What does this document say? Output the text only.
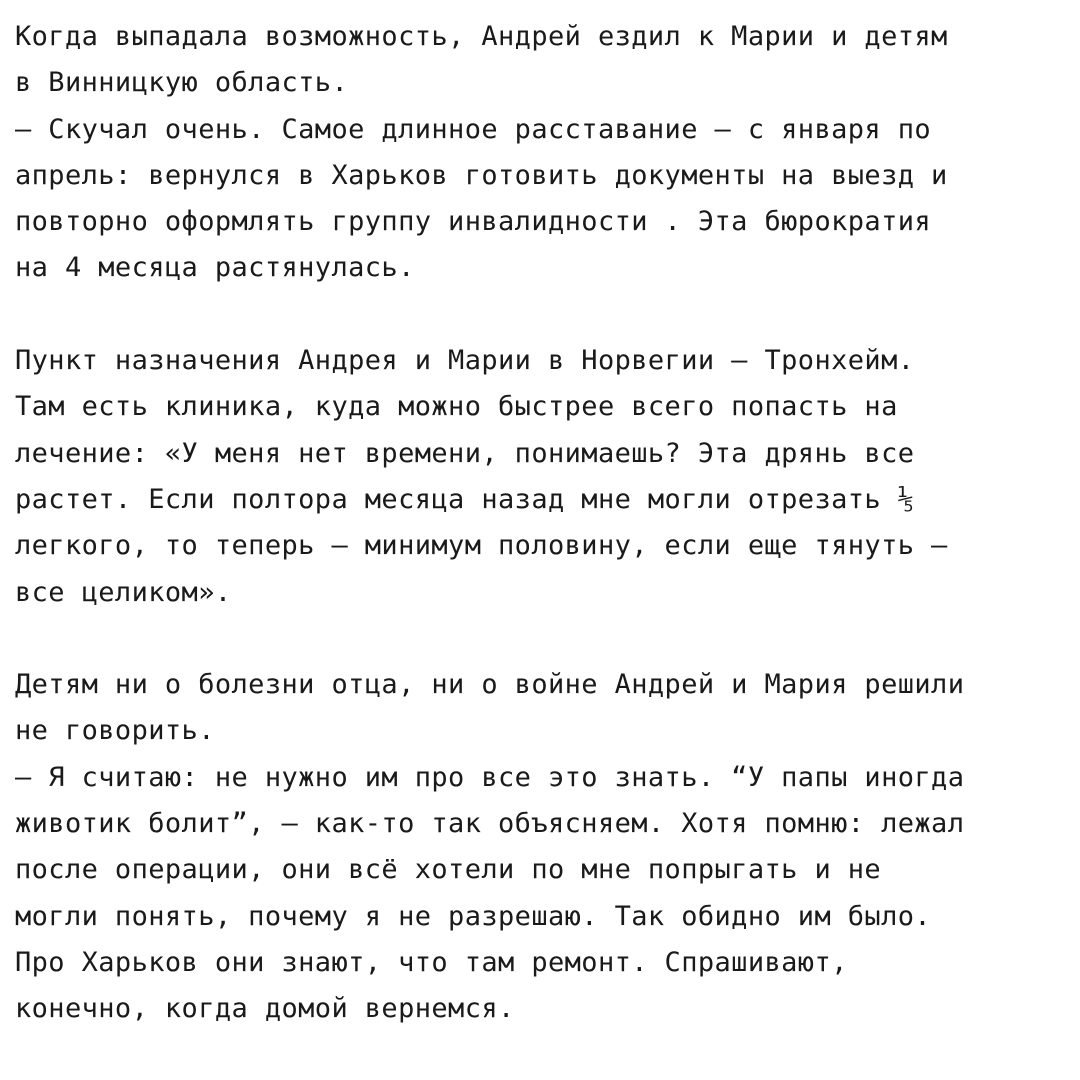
Когда выпадала возможность, Андрей ездил к Марии и детям
в Винницкую область.
– Скучал очень. Самое длинное расставание – с января по
апрель: вернулся в Харьков готовить документы на выезд и
повторно оформлять группу инвалидности . Эта бюрократия
на 4 месяца растянулась.
Пункт назначения Андрея и Марии в Норвегии – Тронхейм.
Там есть клиника, куда можно быстрее всего попасть на
лечение: «У меня нет времени, понимаешь? Эта дрянь все
растет. Если полтора месяца назад мне могли отрезать ⅕
легкого, то теперь – минимум половину, если еще тянуть –
все целиком».
Детям ни о болезни отца, ни о войне Андрей и Мария решили
не говорить.
– Я считаю: не нужно им про все это знать. “У папы иногда
животик болит”, – как-то так объясняем. Хотя помню: лежал
после операции, они всё хотели по мне попрыгать и не
могли понять, почему я не разрешаю. Так обидно им было.
Про Харьков они знают, что там ремонт. Спрашивают,
конечно, когда домой вернемся.
